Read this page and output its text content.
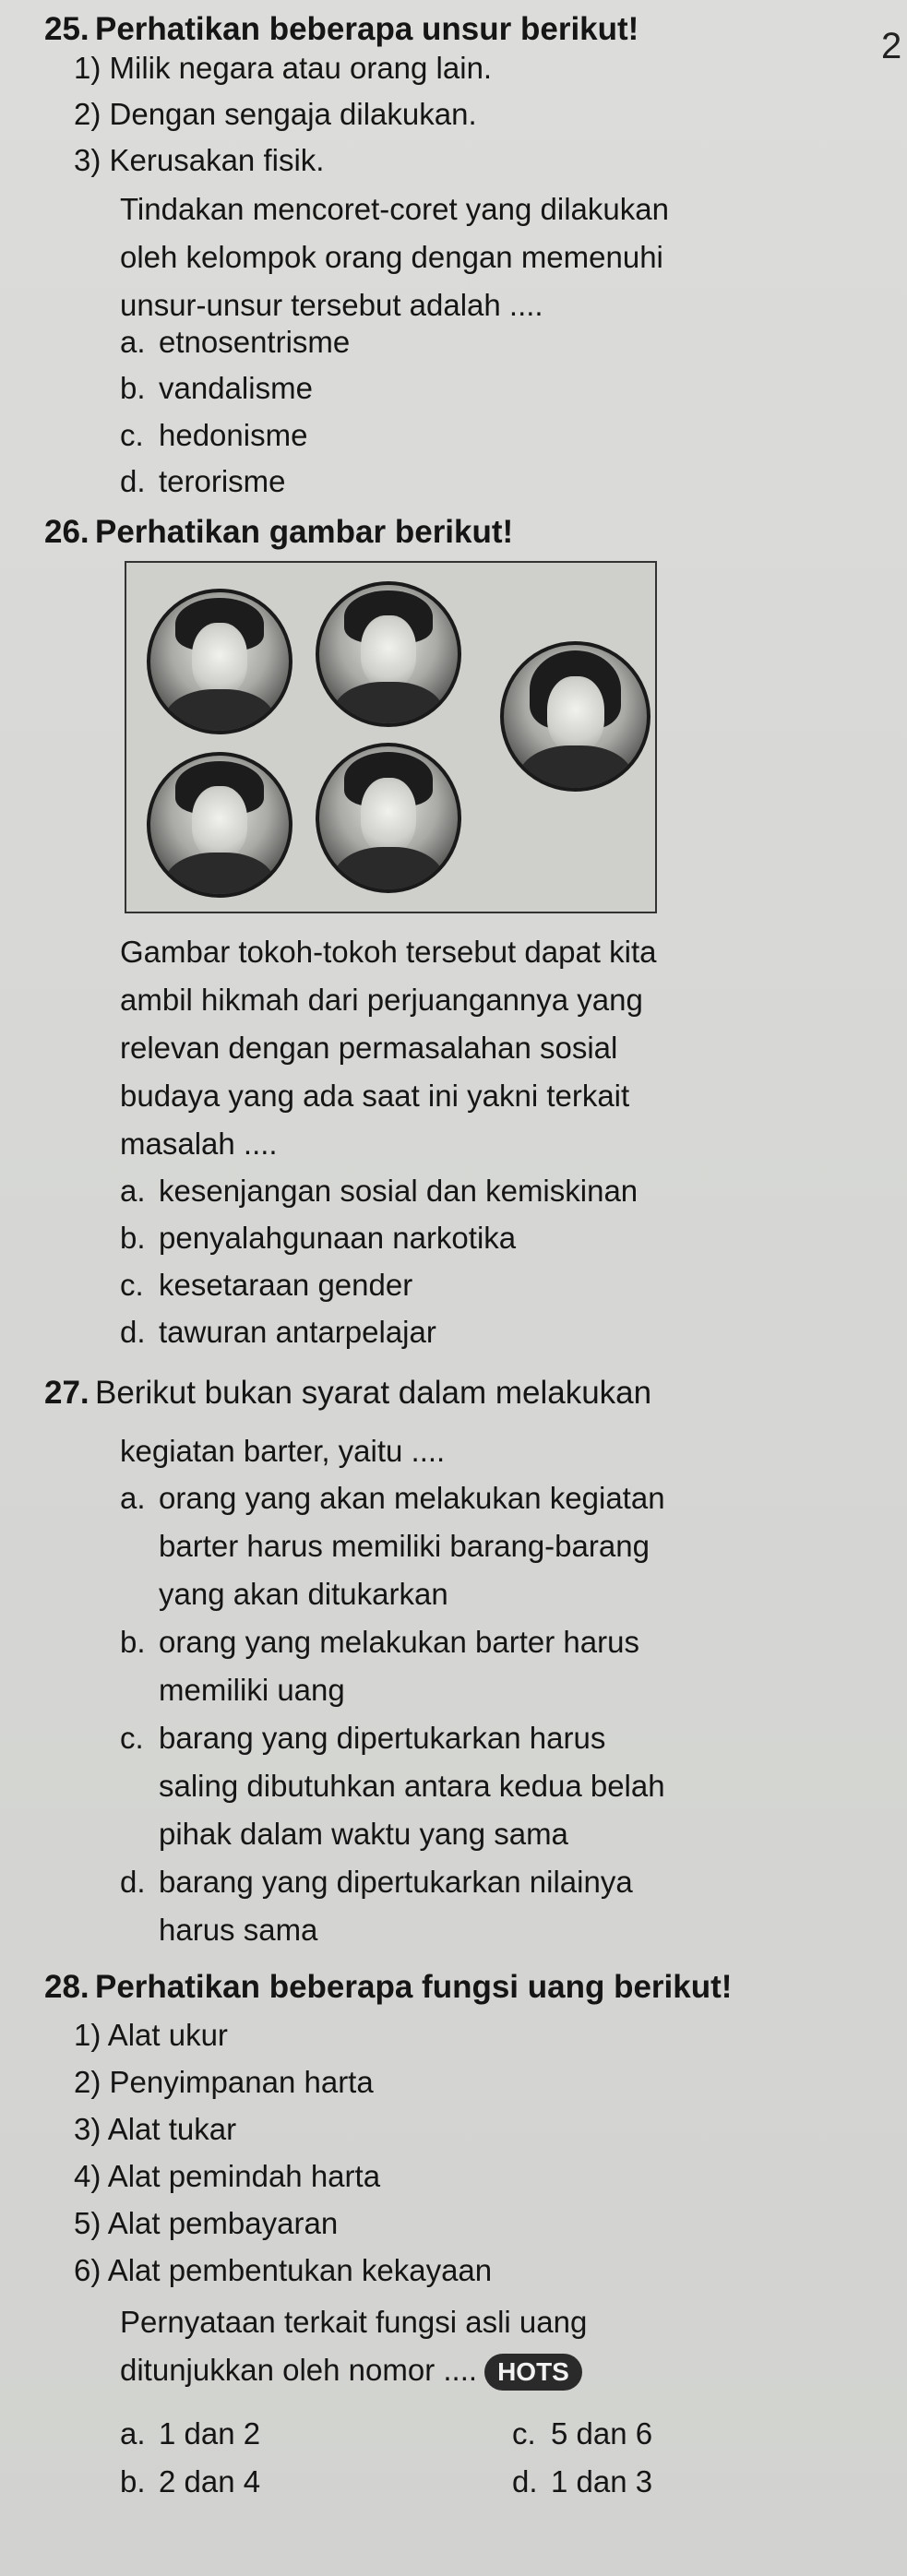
2
25. Perhatikan beberapa unsur berikut!
1) Milik negara atau orang lain.
2) Dengan sengaja dilakukan.
3) Kerusakan fisik.
Tindakan mencoret-coret yang dilakukan
oleh kelompok orang dengan memenuhi
unsur-unsur tersebut adalah ....
a. etnosentrisme
b. vandalisme
c. hedonisme
d. terorisme
26. Perhatikan gambar berikut!
Gambar tokoh-tokoh tersebut dapat kita
ambil hikmah dari perjuangannya yang
relevan dengan permasalahan sosial
budaya yang ada saat ini yakni terkait
masalah ....
a. kesenjangan sosial dan kemiskinan
b. penyalahgunaan narkotika
c. kesetaraan gender
d. tawuran antarpelajar
27. Berikut bukan syarat dalam melakukan
kegiatan barter, yaitu ....
a. orang yang akan melakukan kegiatan
barter harus memiliki barang-barang
yang akan ditukarkan
b. orang yang melakukan barter harus
memiliki uang
c. barang yang dipertukarkan harus
saling dibutuhkan antara kedua belah
pihak dalam waktu yang sama
d. barang yang dipertukarkan nilainya
harus sama
28. Perhatikan beberapa fungsi uang berikut!
1) Alat ukur
2) Penyimpanan harta
3) Alat tukar
4) Alat pemindah harta
5) Alat pembayaran
6) Alat pembentukan kekayaan
Pernyataan terkait fungsi asli uang
ditunjukkan oleh nomor .... HOTS
a. 1 dan 2
b. 2 dan 4
c. 5 dan 6
d. 1 dan 3
